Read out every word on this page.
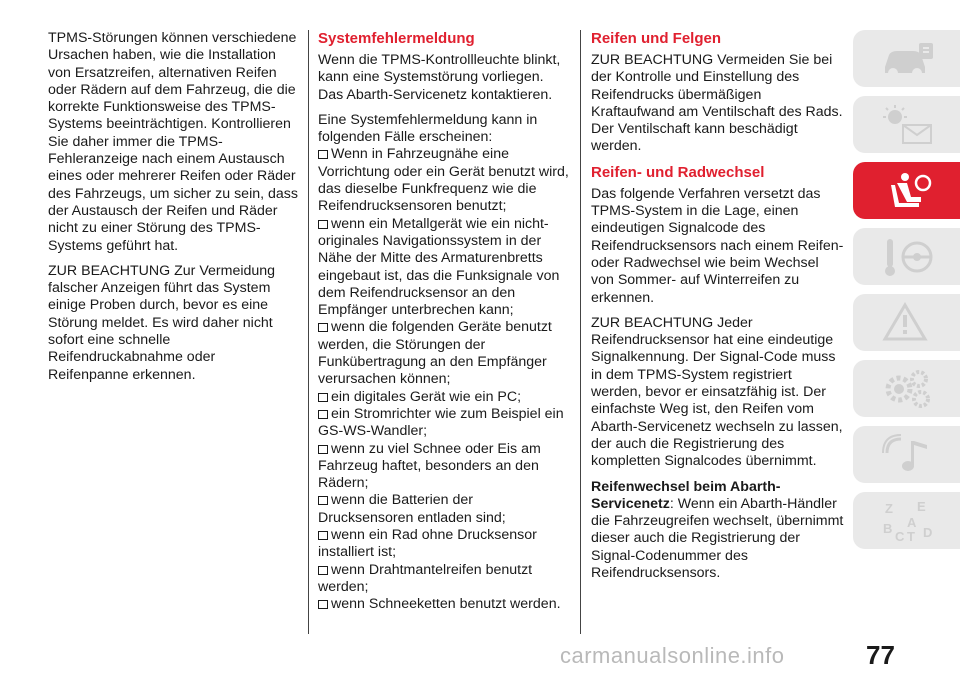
TPMS-Störungen können verschiedene Ursachen haben, wie die Installation von Ersatzreifen, alternativen Reifen oder Rädern auf dem Fahrzeug, die die korrekte Funktionsweise des TPMS-Systems beeinträchtigen. Kontrollieren Sie daher immer die TPMS-Fehleranzeige nach einem Austausch eines oder mehrerer Reifen oder Räder des Fahrzeugs, um sicher zu sein, dass der Austausch der Reifen und Räder nicht zu einer Störung des TPMS-Systems geführt hat.

ZUR BEACHTUNG Zur Vermeidung falscher Anzeigen führt das System einige Proben durch, bevor es eine Störung meldet. Es wird daher nicht sofort eine schnelle Reifendruckabnahme oder Reifenpanne erkennen.

Systemfehlermeldung

Wenn die TPMS-Kontrollleuchte blinkt, kann eine Systemstörung vorliegen. Das Abarth-Servicenetz kontaktieren.

Eine Systemfehlermeldung kann in folgenden Fälle erscheinen:

Wenn in Fahrzeugnähe eine Vorrichtung oder ein Gerät benutzt wird, das dieselbe Funkfrequenz wie die Reifendrucksensoren benutzt;
wenn ein Metallgerät wie ein nicht-originales Navigationssystem in der Nähe der Mitte des Armaturenbretts eingebaut ist, das die Funksignale von dem Reifendrucksensor an den Empfänger unterbrechen kann;
wenn die folgenden Geräte benutzt werden, die Störungen der Funkübertragung an den Empfänger verursachen können;
ein digitales Gerät wie ein PC;
ein Stromrichter wie zum Beispiel ein GS-WS-Wandler;
wenn zu viel Schnee oder Eis am Fahrzeug haftet, besonders an den Rädern;
wenn die Batterien der Drucksensoren entladen sind;
wenn ein Rad ohne Drucksensor installiert ist;
wenn Drahtmantelreifen benutzt werden;
wenn Schneeketten benutzt werden.
Reifen und Felgen

ZUR BEACHTUNG Vermeiden Sie bei der Kontrolle und Einstellung des Reifendrucks übermäßigen Kraftaufwand am Ventilschaft des Rads. Der Ventilschaft kann beschädigt werden.

Reifen- und Radwechsel

Das folgende Verfahren versetzt das TPMS-System in die Lage, einen eindeutigen Signalcode des Reifendrucksensors nach einem Reifen- oder Radwechsel wie beim Wechsel von Sommer- auf Winterreifen zu erkennen.

ZUR BEACHTUNG Jeder Reifendrucksensor hat eine eindeutige Signalkennung. Der Signal-Code muss in dem TPMS-System registriert werden, bevor er einsatzfähig ist. Der einfachste Weg ist, den Reifen vom Abarth-Servicenetz wechseln zu lassen, der auch die Registrierung des kompletten Signalcodes übernimmt.

Reifenwechsel beim Abarth-Servicenetz: Wenn ein Abarth-Händler die Fahrzeugreifen wechselt, übernimmt dieser auch die Registrierung der Signal-Codenummer des Reifendrucksensors.

Z E
A
B
C T D
carmanualsonline.info	77
